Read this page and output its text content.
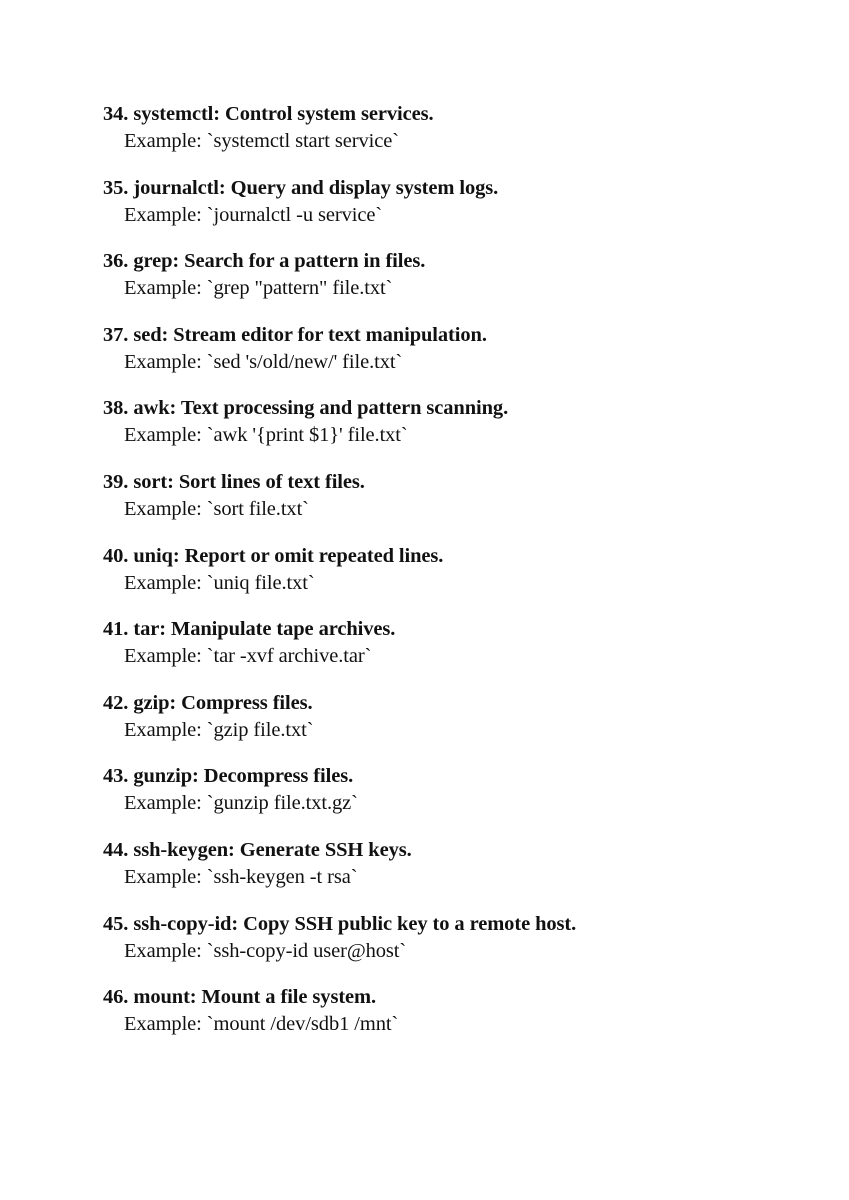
34. systemctl: Control system services.
Example: `systemctl start service`
35. journalctl: Query and display system logs.
Example: `journalctl -u service`
36. grep: Search for a pattern in files.
Example: `grep "pattern" file.txt`
37. sed: Stream editor for text manipulation.
Example: `sed 's/old/new/' file.txt`
38. awk: Text processing and pattern scanning.
Example: `awk '{print $1}' file.txt`
39. sort: Sort lines of text files.
Example: `sort file.txt`
40. uniq: Report or omit repeated lines.
Example: `uniq file.txt`
41. tar: Manipulate tape archives.
Example: `tar -xvf archive.tar`
42. gzip: Compress files.
Example: `gzip file.txt`
43. gunzip: Decompress files.
Example: `gunzip file.txt.gz`
44. ssh-keygen: Generate SSH keys.
Example: `ssh-keygen -t rsa`
45. ssh-copy-id: Copy SSH public key to a remote host.
Example: `ssh-copy-id user@host`
46. mount: Mount a file system.
Example: `mount /dev/sdb1 /mnt`
